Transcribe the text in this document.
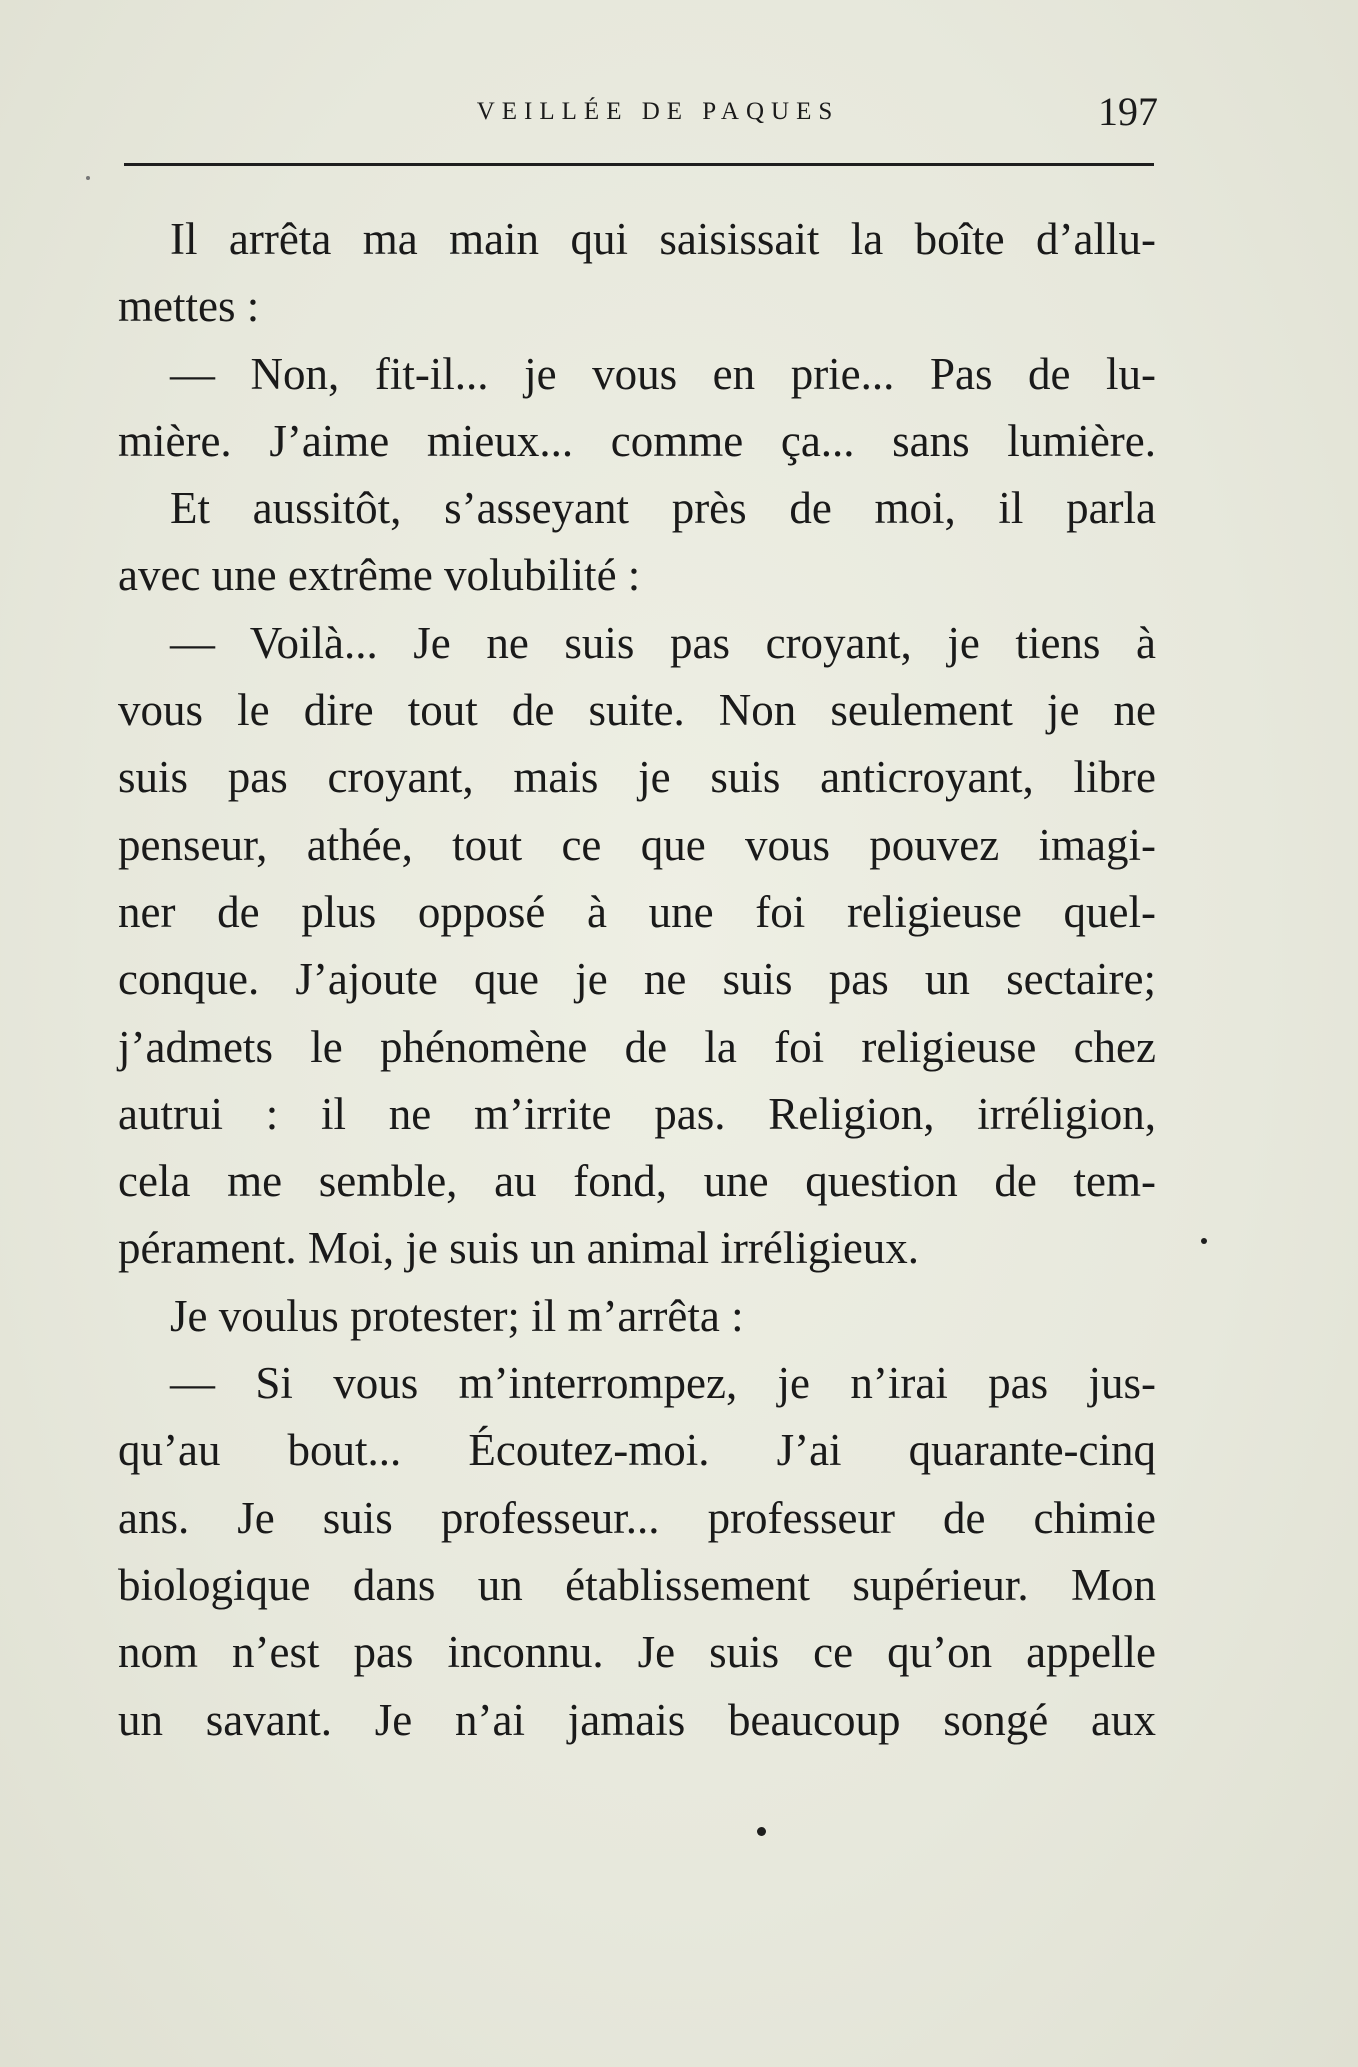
VEILLÉE DE PAQUES	197
Il arrêta ma main qui saisissait la boîte d’allu-
mettes :
— Non, fit-il... je vous en prie... Pas de lu-
mière. J’aime mieux... comme ça... sans lumière.
Et aussitôt, s’asseyant près de moi, il parla
avec une extrême volubilité :
— Voilà... Je ne suis pas croyant, je tiens à
vous le dire tout de suite. Non seulement je ne
suis pas croyant, mais je suis anticroyant, libre
penseur, athée, tout ce que vous pouvez imagi-
ner de plus opposé à une foi religieuse quel-
conque. J’ajoute que je ne suis pas un sectaire;
j’admets le phénomène de la foi religieuse chez
autrui : il ne m’irrite pas. Religion, irréligion,
cela me semble, au fond, une question de tem-
pérament. Moi, je suis un animal irréligieux.
Je voulus protester; il m’arrêta :
— Si vous m’interrompez, je n’irai pas jus-
qu’au bout... Écoutez-moi. J’ai quarante-cinq
ans. Je suis professeur... professeur de chimie
biologique dans un établissement supérieur. Mon
nom n’est pas inconnu. Je suis ce qu’on appelle
un savant. Je n’ai jamais beaucoup songé aux
